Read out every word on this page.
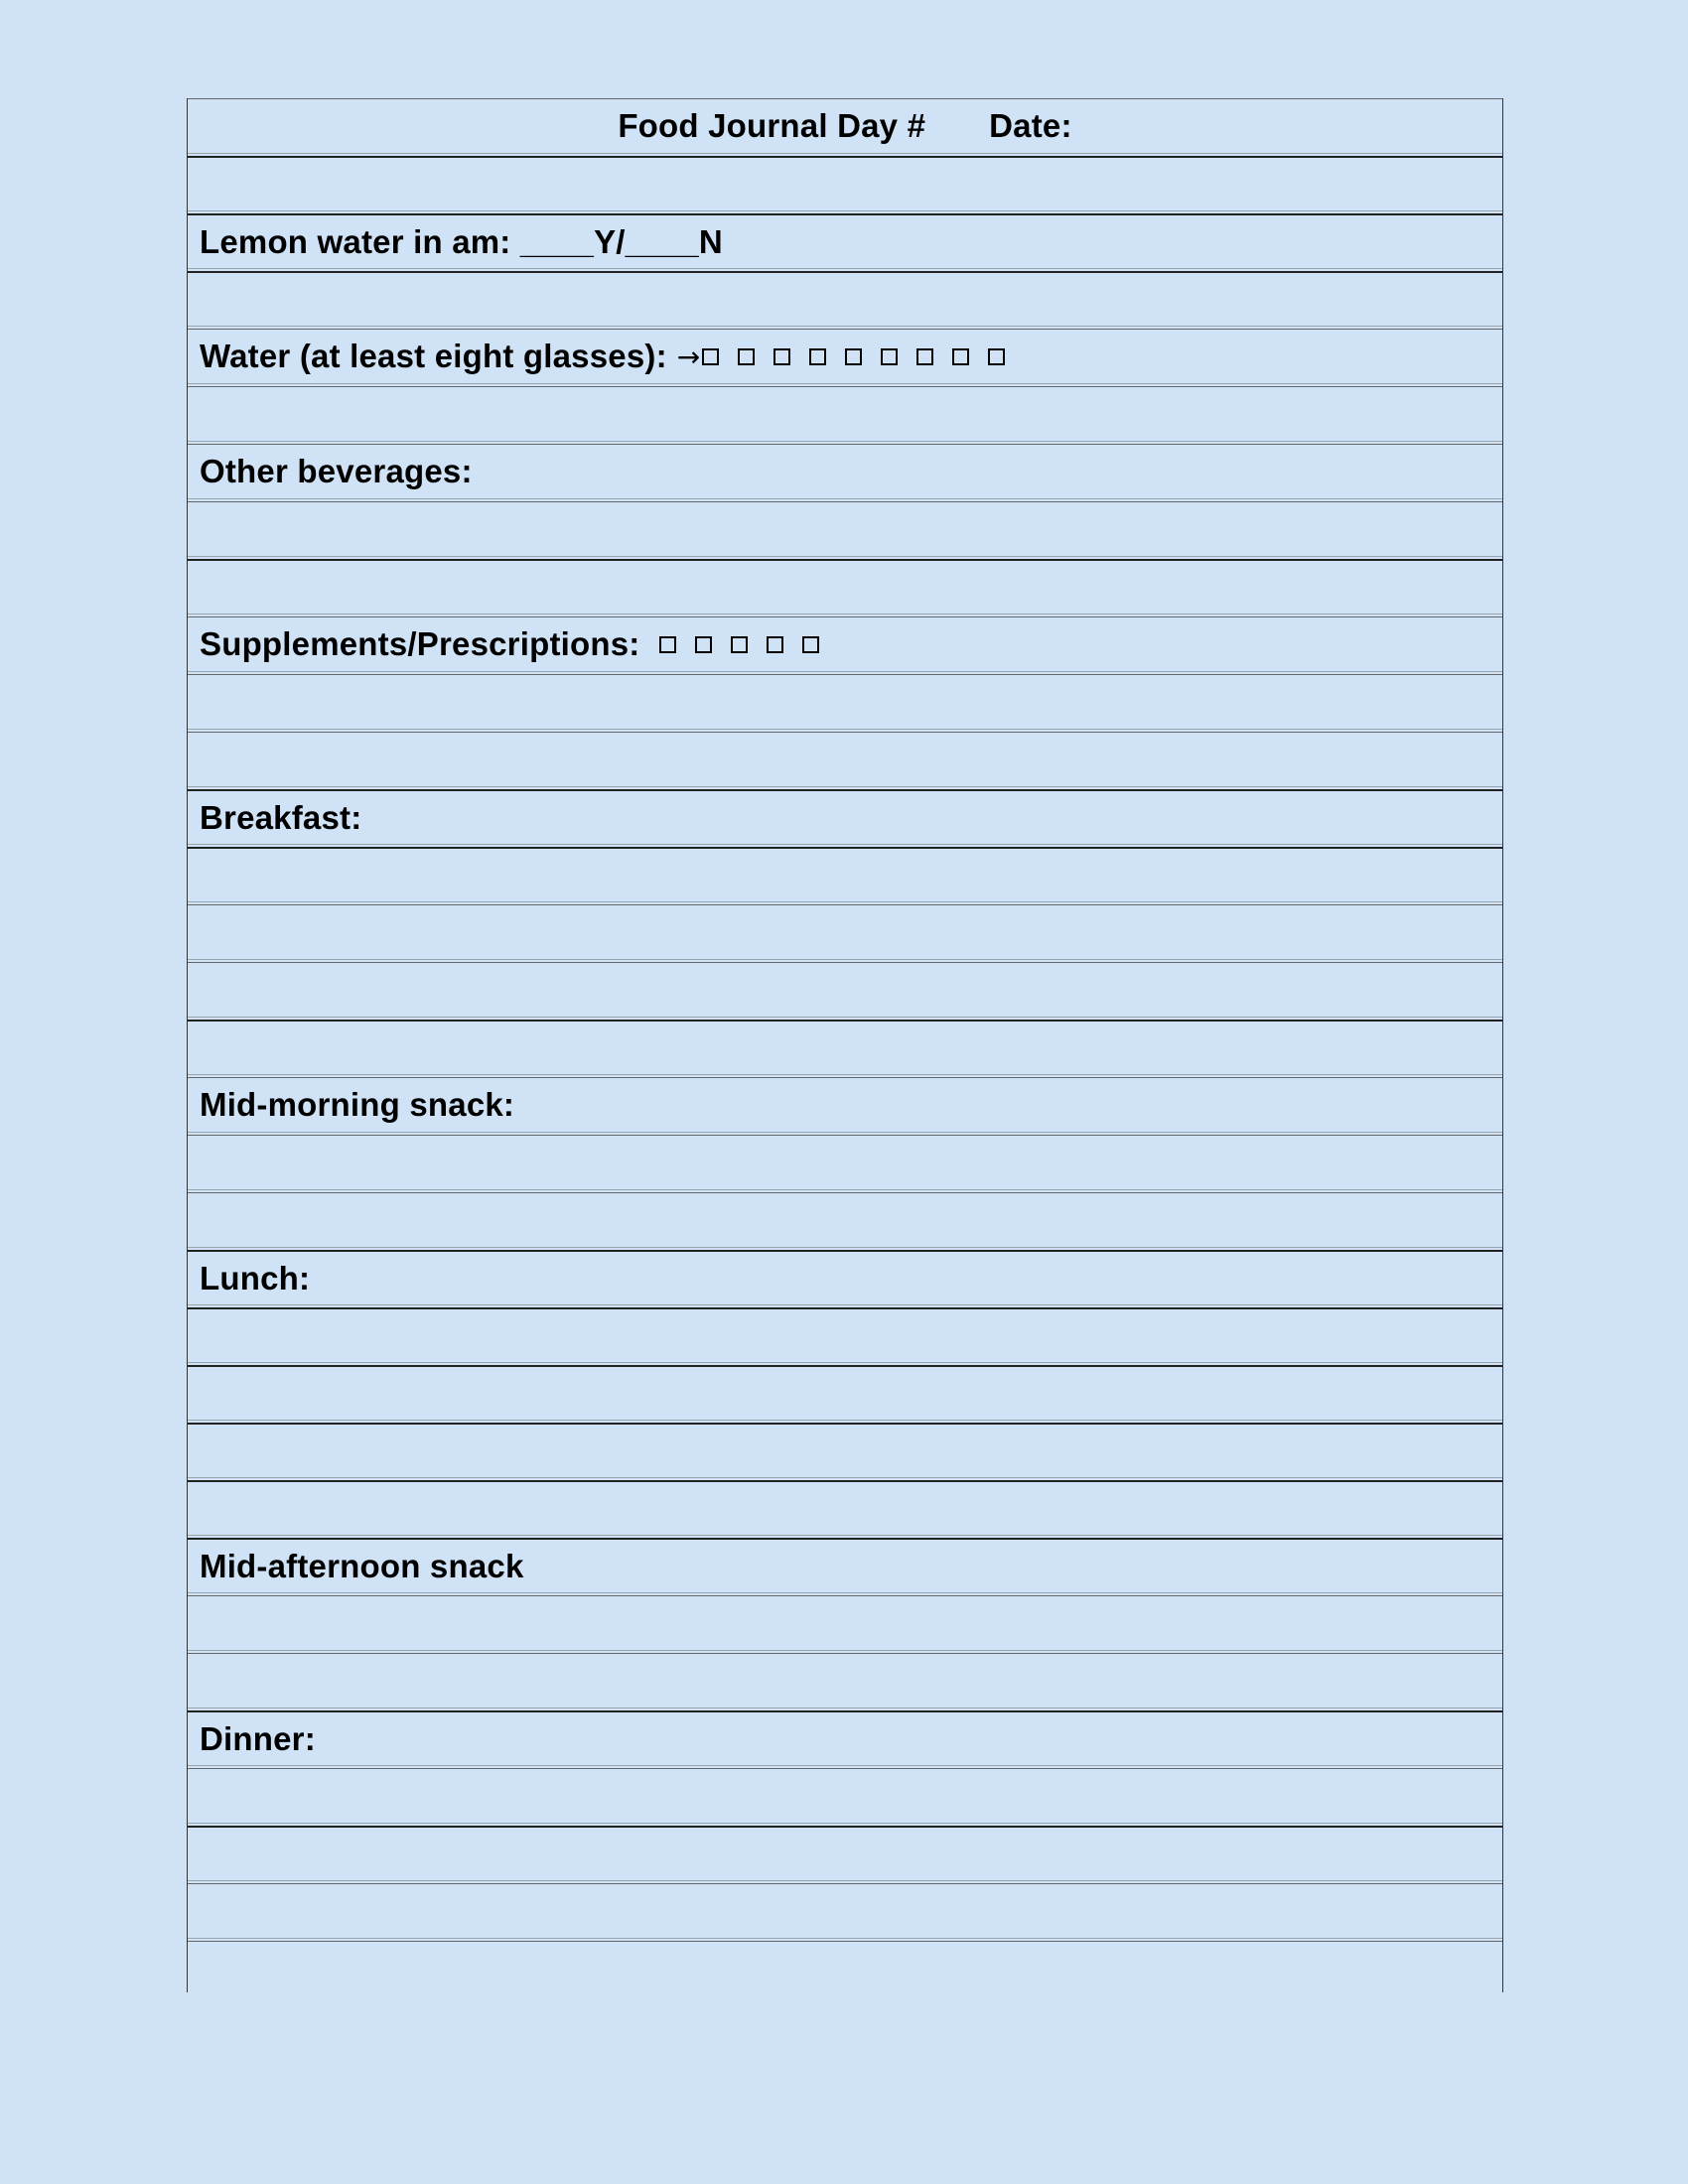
Food Journal Day # Date:
Lemon water in am: ____Y/____N
Water (at least eight glasses): →
Other beverages:
Supplements/Prescriptions:
Breakfast:
Mid-morning snack:
Lunch:
Mid-afternoon snack
Dinner:
